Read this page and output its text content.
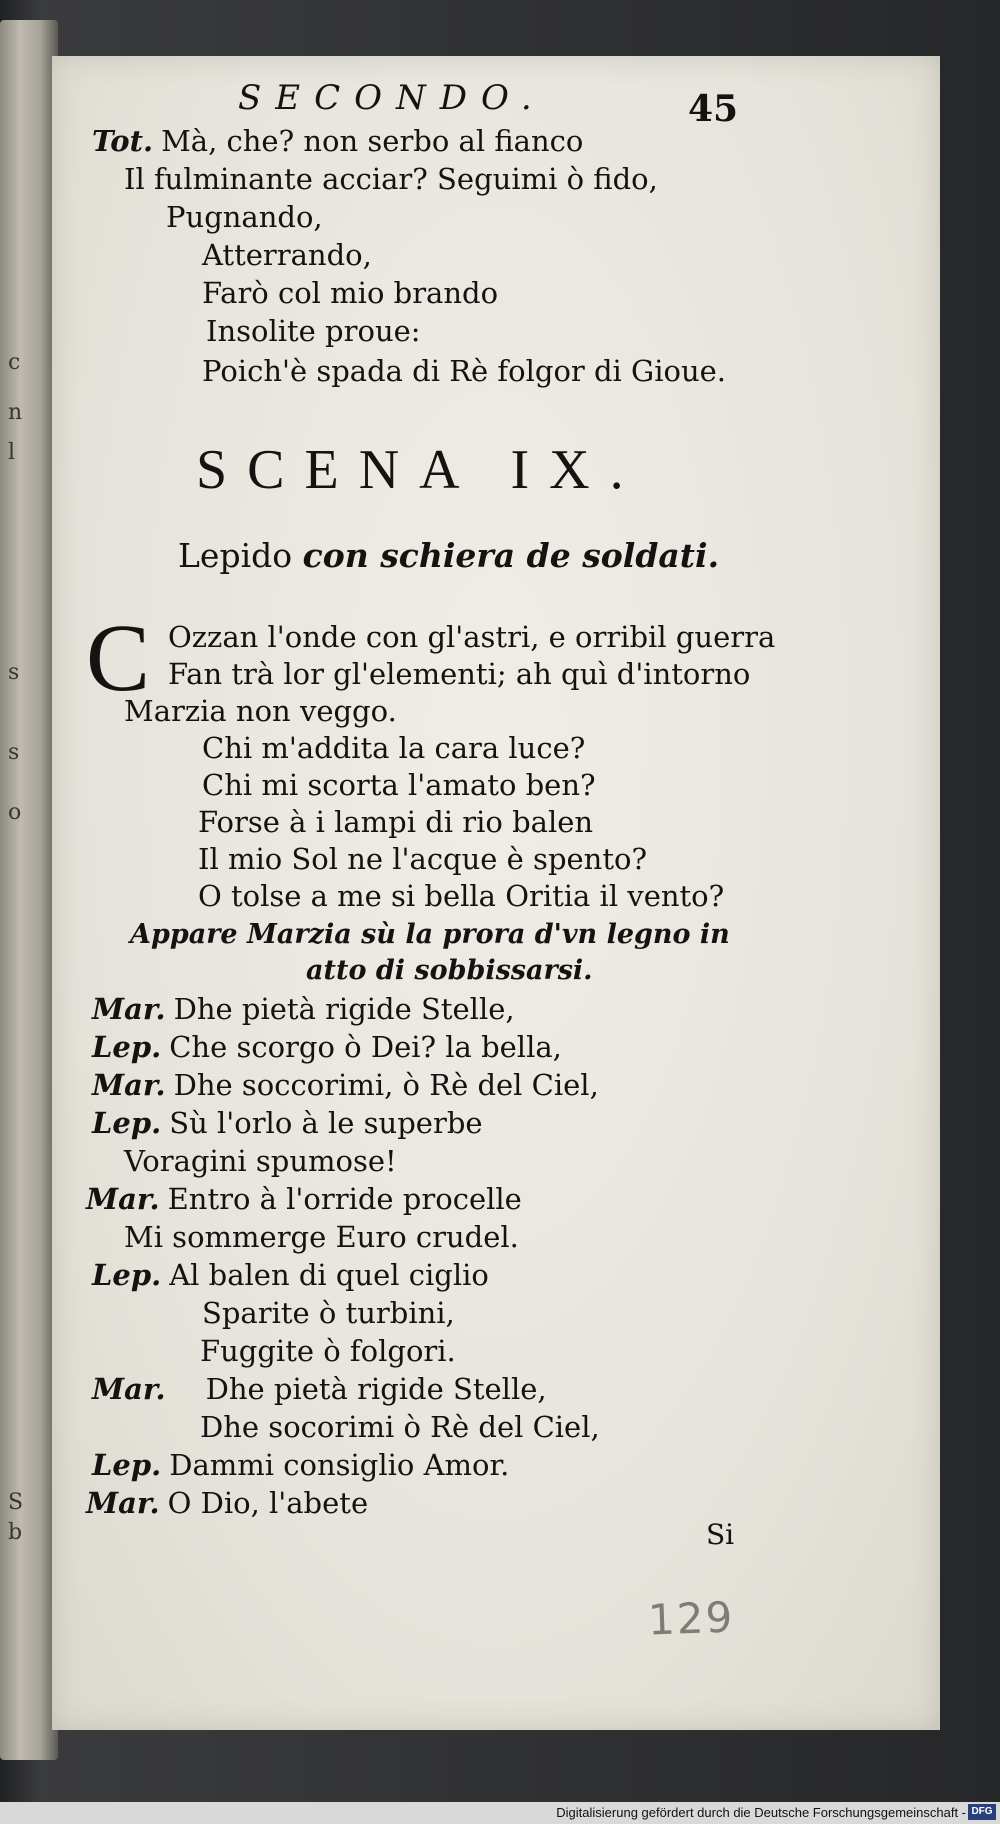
c
n
l
s
s
o
S
b
SECONDO.	45
Tot. Mà, che? non serbo al fianco
Il fulminante acciar? Seguimi ò fido,
Pugnando,
Atterrando,
Farò col mio brando
Insolite proue:
Poich'è spada di Rè folgor di Gioue.
SCENA IX.
Lepido con schiera de soldati.
C Ozzan l'onde con gl'astri, e orribil guerra
Fan trà lor gl'elementi; ah quì d'intorno
Marzia non veggo.
Chi m'addita la cara luce?
Chi mi scorta l'amato ben?
Forse à i lampi di rio balen
Il mio Sol ne l'acque è spento?
O tolse a me si bella Oritia il vento?
Appare Marzia sù la prora d'vn legno in
atto di sobbissarsi.
Mar. Dhe pietà rigide Stelle,
Lep. Che scorgo ò Dei? la bella,
Mar. Dhe soccorimi, ò Rè del Ciel,
Lep. Sù l'orlo à le superbe
Voragini spumose!
Mar. Entro à l'orride procelle
Mi sommerge Euro crudel.
Lep. Al balen di quel ciglio
Sparite ò turbini,
Fuggite ò folgori.
Mar. Dhe pietà rigide Stelle,
Dhe socorimi ò Rè del Ciel,
Lep. Dammi consiglio Amor.
Mar. O Dio, l'abete
Si
129
Digitalisierung gefördert durch die Deutsche Forschungsgemeinschaft - DFG
